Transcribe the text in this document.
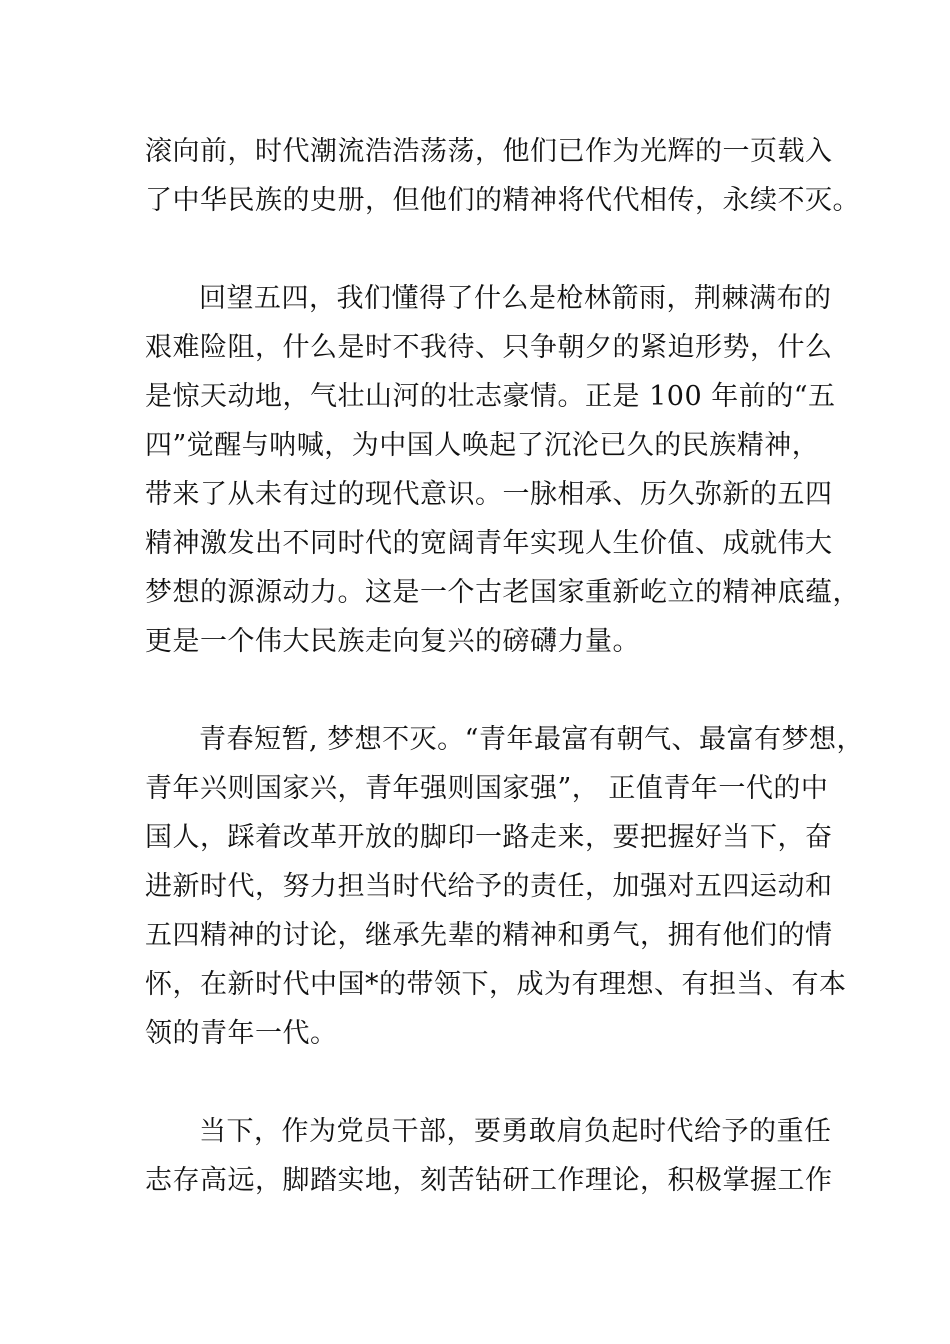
滚向前，时代潮流浩浩荡荡，他们已作为光辉的一页载入
了中华民族的史册，但他们的精神将代代相传，永续不灭。
回望五四，我们懂得了什么是枪林箭雨，荆棘满布的
艰难险阻，什么是时不我待、只争朝夕的紧迫形势，什么
是惊天动地，气壮山河的壮志豪情。正是 100 年前的“五
四”觉醒与呐喊，为中国人唤起了沉沦已久的民族精神，
带来了从未有过的现代意识。一脉相承、历久弥新的五四
精神激发出不同时代的宽阔青年实现人生价值、成就伟大
梦想的源源动力。这是一个古老国家重新屹立的精神底蕴，
更是一个伟大民族走向复兴的磅礴力量。
青春短暂, 梦想不灭。“青年最富有朝气、最富有梦想，
青年兴则国家兴，青年强则国家强”， 正值青年一代的中
国人，踩着改革开放的脚印一路走来，要把握好当下，奋
进新时代，努力担当时代给予的责任，加强对五四运动和
五四精神的讨论，继承先辈的精神和勇气，拥有他们的情
怀，在新时代中国*的带领下，成为有理想、有担当、有本
领的青年一代。
当下，作为党员干部，要勇敢肩负起时代给予的重任
志存高远，脚踏实地，刻苦钻研工作理论，积极掌握工作
